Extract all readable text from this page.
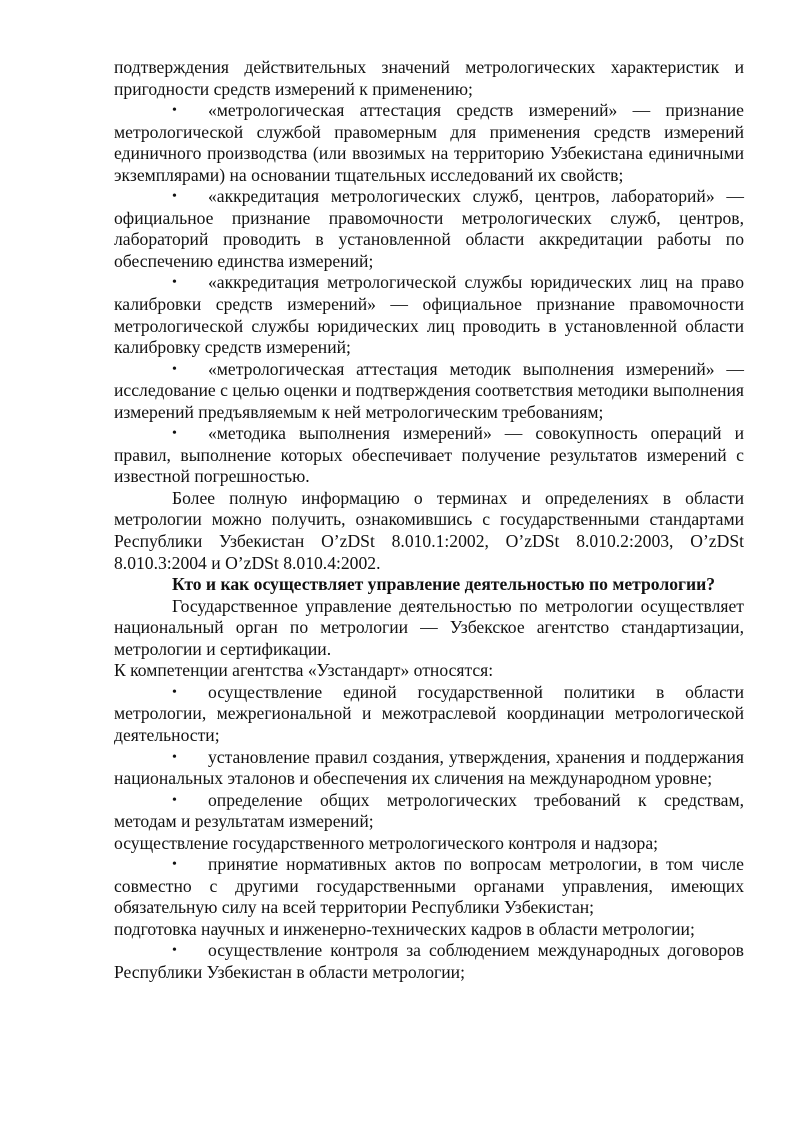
подтверждения действительных значений метрологических характеристик и пригодности средств измерений к применению;

• «метрологическая аттестация средств измерений» — признание метрологической службой правомерным для применения средств измерений единичного производства (или ввозимых на территорию Узбекистана единичными экземплярами) на основании тщательных исследований их свойств;

• «аккредитация метрологических служб, центров, лабораторий» — официальное признание правомочности метрологических служб, центров, лабораторий проводить в установленной области аккредитации работы по обеспечению единства измерений;

• «аккредитация метрологической службы юридических лиц на право калибровки средств измерений» — официальное признание правомочности метрологической службы юридических лиц проводить в установленной области калибровку средств измерений;

• «метрологическая аттестация методик выполнения измерений» — исследование с целью оценки и подтверждения соответствия методики выполнения измерений предъявляемым к ней метрологическим требованиям;

• «методика выполнения измерений» — совокупность операций и правил, выполнение которых обеспечивает получение результатов измерений с известной погрешностью.

Более полную информацию о терминах и определениях в области метрологии можно получить, ознакомившись с государственными стандартами Республики Узбекистан O’zDSt 8.010.1:2002, O’zDSt 8.010.2:2003, O’zDSt 8.010.3:2004 и O’zDSt 8.010.4:2002.

Кто и как осуществляет управление деятельностью по метрологии?

Государственное управление деятельностью по метрологии осуществляет национальный орган по метрологии — Узбекское агентство стандартизации, метрологии и сертификации.

К компетенции агентства «Узстандарт» относятся:

• осуществление единой государственной политики в области метрологии, межрегиональной и межотраслевой координации метрологической деятельности;

• установление правил создания, утверждения, хранения и поддержания национальных эталонов и обеспечения их сличения на международном уровне;

• определение общих метрологических требований к средствам, методам и результатам измерений;

осуществление государственного метрологического контроля и надзора;

• принятие нормативных актов по вопросам метрологии, в том числе совместно с другими государственными органами управления, имеющих обязательную силу на всей территории Республики Узбекистан;

подготовка научных и инженерно-технических кадров в области метрологии;

• осуществление контроля за соблюдением международных договоров Республики Узбекистан в области метрологии;
